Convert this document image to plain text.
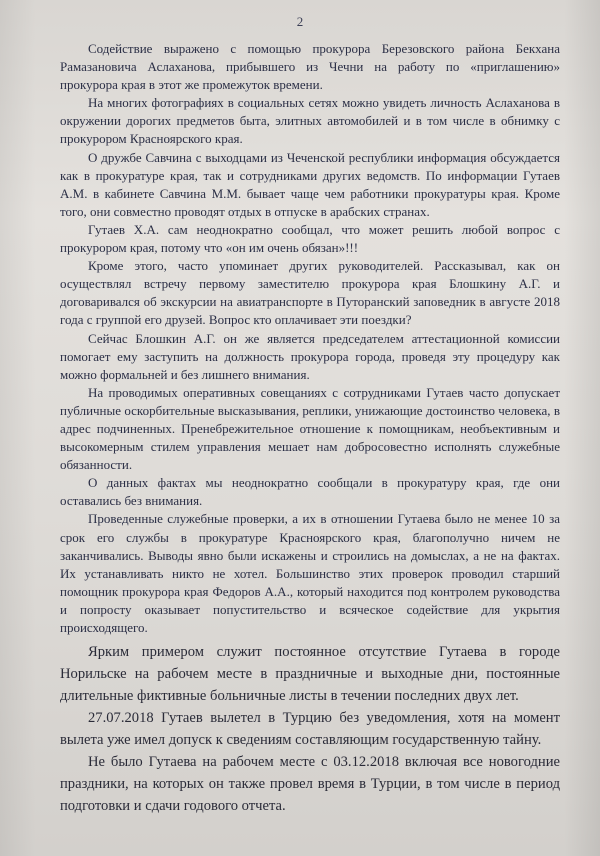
2

Содействие выражено с помощью прокурора Березовского района Бекхана Рамазановича Аслаханова, прибывшего из Чечни на работу по «приглашению» прокурора края в этот же промежуток времени.

На многих фотографиях в социальных сетях можно увидеть личность Аслаханова в окружении дорогих предметов быта, элитных автомобилей и в том числе в обнимку с прокурором Красноярского края.

О дружбе Савчина с выходцами из Чеченской республики информация обсуждается как в прокуратуре края, так и сотрудниками других ведомств. По информации Гутаев А.М. в кабинете Савчина М.М. бывает чаще чем работники прокуратуры края. Кроме того, они совместно проводят отдых в отпуске в арабских странах.

Гутаев Х.А. сам неоднократно сообщал, что может решить любой вопрос с прокурором края, потому что «он им очень обязан»!!!

Кроме этого, часто упоминает других руководителей. Рассказывал, как он осуществлял встречу первому заместителю прокурора края Блошкину А.Г. и договаривался об экскурсии на авиатранспорте в Путоранский заповедник в августе 2018 года с группой его друзей. Вопрос кто оплачивает эти поездки?

Сейчас Блошкин А.Г. он же является председателем аттестационной комиссии помогает ему заступить на должность прокурора города, проведя эту процедуру как можно формальней и без лишнего внимания.

На проводимых оперативных совещаниях с сотрудниками Гутаев часто допускает публичные оскорбительные высказывания, реплики, унижающие достоинство человека, в адрес подчиненных. Пренебрежительное отношение к помощникам, необъективным и высокомерным стилем управления мешает нам добросовестно исполнять служебные обязанности.

О данных фактах мы неоднократно сообщали в прокуратуру края, где они оставались без внимания.

Проведенные служебные проверки, а их в отношении Гутаева было не менее 10 за срок его службы в прокуратуре Красноярского края, благополучно ничем не заканчивались. Выводы явно были искажены и строились на домыслах, а не на фактах. Их устанавливать никто не хотел. Большинство этих проверок проводил старший помощник прокурора края Федоров А.А., который находится под контролем руководства и попросту оказывает попустительство и всяческое содействие для укрытия происходящего.

Ярким примером служит постоянное отсутствие Гутаева в городе Норильске на рабочем месте в праздничные и выходные дни, постоянные длительные фиктивные больничные листы в течении последних двух лет.

27.07.2018 Гутаев вылетел в Турцию без уведомления, хотя на момент вылета уже имел допуск к сведениям составляющим государственную тайну.

Не было Гутаева на рабочем месте с 03.12.2018 включая все новогодние праздники, на которых он также провел время в Турции, в том числе в период подготовки и сдачи годового отчета.
